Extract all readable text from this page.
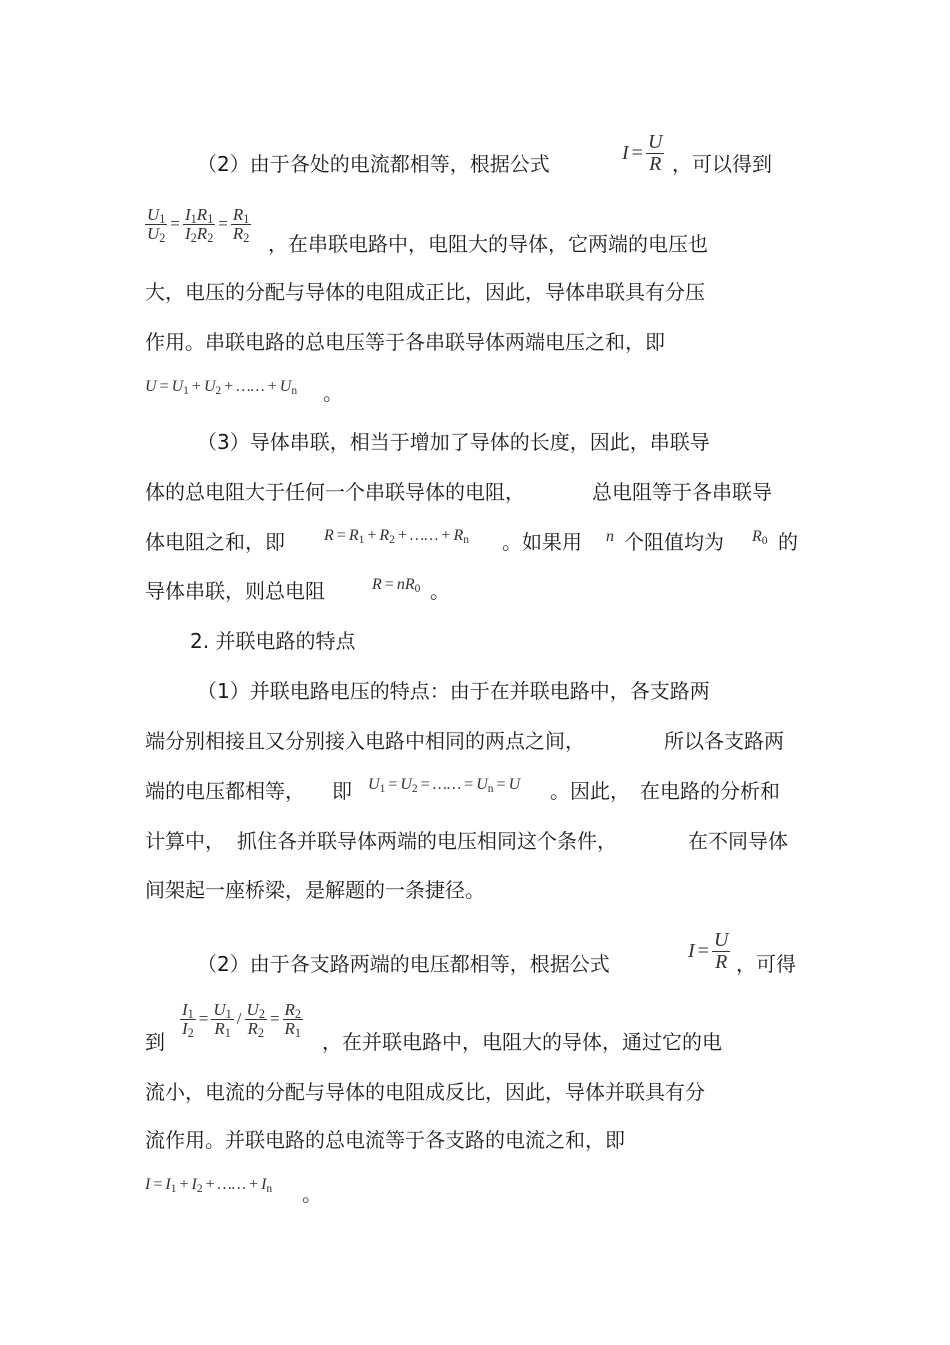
（2）由于各处的电流都相等，根据公式	$I = \frac{U}{R}$ ，可以得到
$\frac{U_1}{U_2} = \frac{I_1R_1}{I_2R_2} = \frac{R_1}{R_2}$
，在串联电路中，电阻大的导体，它两端的电压也
大，电压的分配与导体的电阻成正比，因此，导体串联具有分压
作用。串联电路的总电压等于各串联导体两端电压之和，即
$U = U_1 + U_2$ + …… + $U_n$ 。
（3）导体串联，相当于增加了导体的长度，因此，串联导
体的总电阻大于任何一个串联导体的电阻，	总电阻等于各串联导
体电阻之和，即 $R = R_1 + R_2$ + …… + $R_n$ 。如果用 n 个阻值均为 $R_0$ 的
导体串联，则总电阻	$R = nR_0$ 。
2. 并联电路的特点
（1）并联电路电压的特点：由于在并联电路中，各支路两
端分别相接且又分别接入电路中相同的两点之间，	所以各支路两
端的电压都相等， 即 $U_1 = U_2$ = …… = $U_n = U$ 。因此， 在电路的分析和
计算中， 抓住各并联导体两端的电压相同这个条件，	在不同导体
间架起一座桥梁，是解题的一条捷径。
（2）由于各支路两端的电压都相等，根据公式
$I = \frac{U}{R}$ ，可得
到
$\frac{I_1}{I_2} = \frac{U_1}{R_1} / \frac{U_2}{R_2} = \frac{R_2}{R_1}$
，在并联电路中，电阻大的导体，通过它的电
流小，电流的分配与导体的电阻成反比，因此，导体并联具有分
流作用。并联电路的总电流等于各支路的电流之和，即
$I = I_1 + I_2$ + …… + $I_n$ 。
